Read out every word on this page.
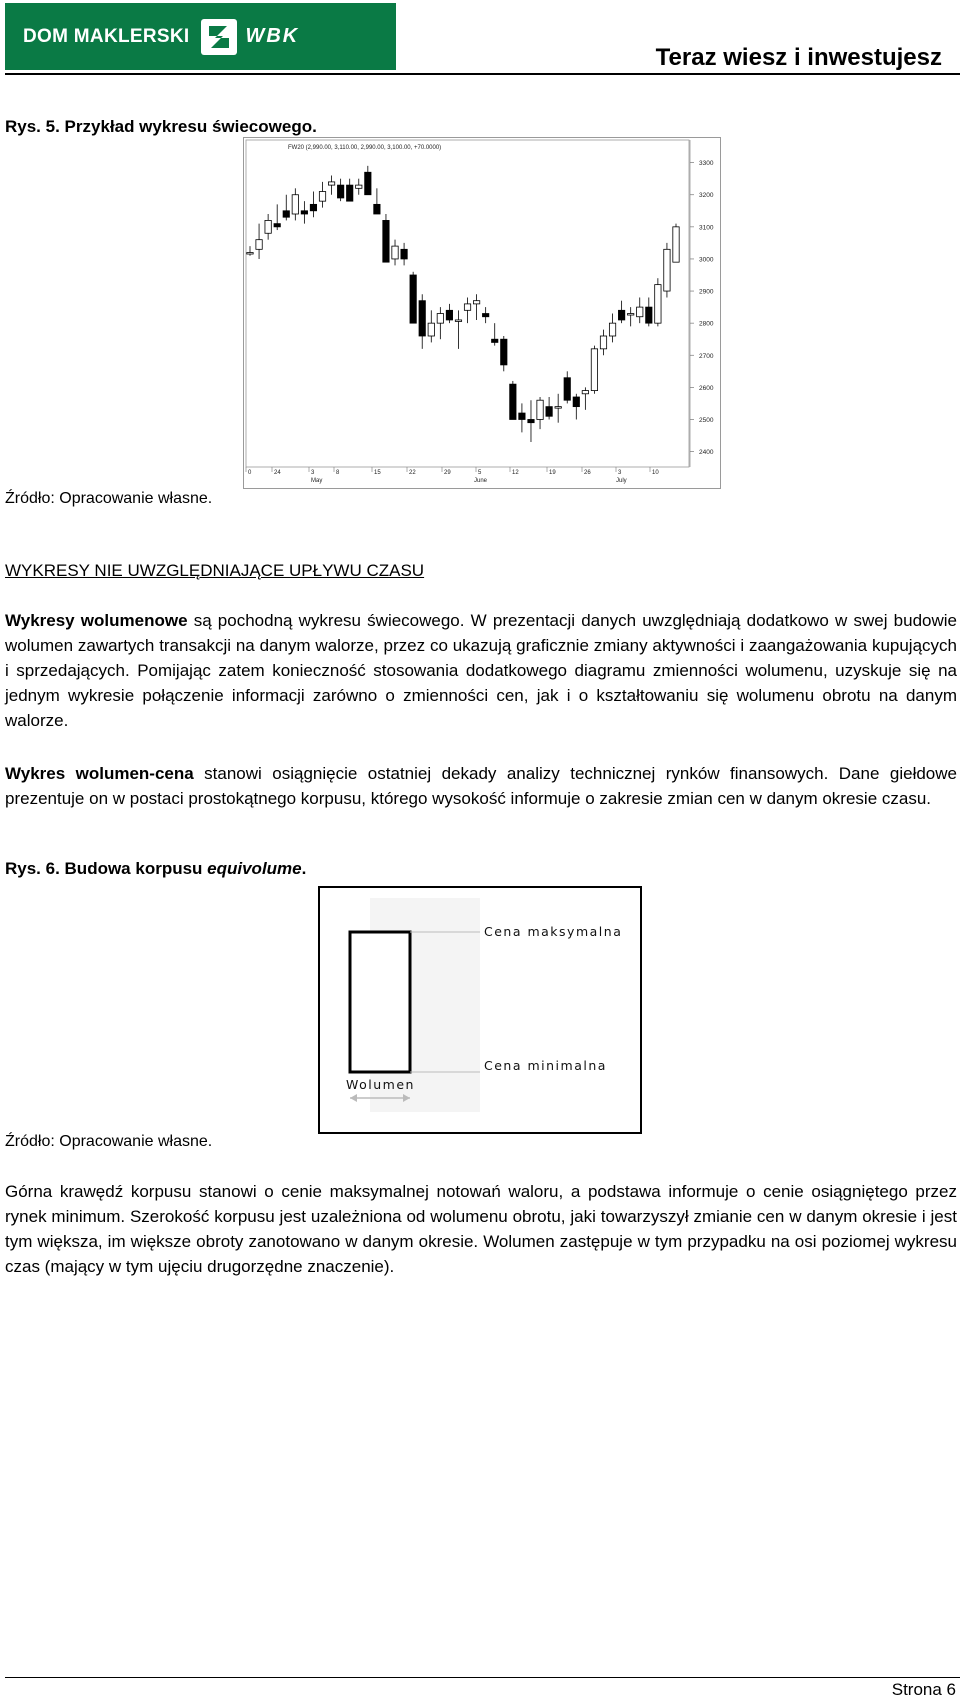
DOM MAKLERSKI	WBK
Teraz wiesz i inwestujesz
Rys. 5. Przykład wykresu świecowego.
FW20 (2,990.00, 3,110.00, 2,990.00, 3,100.00, +70.0000)
3300
3200
3100
3000
2900
2800
2700
2600
2500
2400
0	24	3	8	15	22	29	5	12	19	26	3	10
May	June	July
Źródło: Opracowanie własne.
WYKRESY NIE UWZGLĘDNIAJĄCE UPŁYWU CZASU
Wykresy wolumenowe są pochodną wykresu świecowego. W prezentacji danych uwzględniają dodatkowo w swej budowie wolumen zawartych transakcji na danym walorze, przez co ukazują graficznie zmiany aktywności i zaangażowania kupujących i sprzedających. Pomijając zatem konieczność stosowania dodatkowego diagramu zmienności wolumenu, uzyskuje się na jednym wykresie połączenie informacji zarówno o zmienności cen, jak i o kształtowaniu się wolumenu obrotu na danym walorze.
Wykres wolumen-cena stanowi osiągnięcie ostatniej dekady analizy technicznej rynków finansowych. Dane giełdowe prezentuje on w postaci prostokątnego korpusu, którego wysokość informuje o zakresie zmian cen w danym okresie czasu.
Rys. 6. Budowa korpusu equivolume.
Cena maksymalna
Cena minimalna
Wolumen
Źródło: Opracowanie własne.
Górna krawędź korpusu stanowi o cenie maksymalnej notowań waloru, a podstawa informuje o cenie osiągniętego przez rynek minimum. Szerokość korpusu jest uzależniona od wolumenu obrotu, jaki towarzyszył zmianie cen w danym okresie i jest tym większa, im większe obroty zanotowano w danym okresie. Wolumen zastępuje w tym przypadku na osi poziomej wykresu czas (mający w tym ujęciu drugorzędne znaczenie).
Strona 6
